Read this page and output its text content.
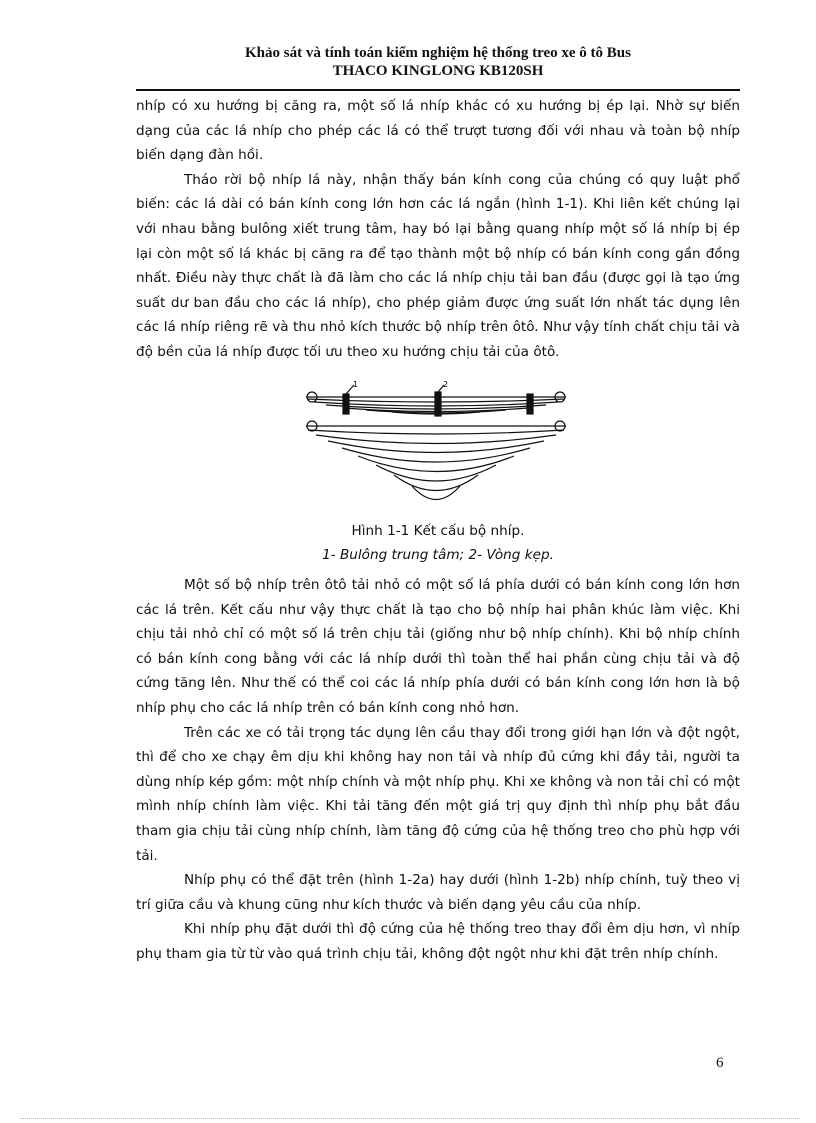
Khảo sát và tính toán kiểm nghiệm hệ thống treo xe ô tô Bus
THACO KINGLONG KB120SH

nhíp có xu hướng bị căng ra, một số lá nhíp khác có xu hướng bị ép lại. Nhờ sự biến dạng của các lá nhíp cho phép các lá có thể trượt tương đối với nhau và toàn bộ nhíp biến dạng đàn hồi.

Tháo rời bộ nhíp lá này, nhận thấy bán kính cong của chúng có quy luật phổ biến: các lá dài có bán kính cong lớn hơn các lá ngắn (hình 1-1). Khi liên kết chúng lại với nhau bằng bulông xiết trung tâm, hay bó lại bằng quang nhíp một số lá nhíp bị ép lại còn một số lá khác bị căng ra để tạo thành một bộ nhíp có bán kính cong gần đồng nhất. Điều này thực chất là đã làm cho các lá nhíp chịu tải ban đầu (được gọi là tạo ứng suất dư ban đầu cho các lá nhíp), cho phép giảm được ứng suất lớn nhất tác dụng lên các lá nhíp riêng rẽ và thu nhỏ kích thước bộ nhíp trên ôtô. Như vậy tính chất chịu tải và độ bền của lá nhíp được tối ưu theo xu hướng chịu tải của ôtô.

1	2
Hình 1-1 Kết cấu bộ nhíp.
1- Bulông trung tâm; 2- Vòng kẹp.

Một số bộ nhíp trên ôtô tải nhỏ có một số lá phía dưới có bán kính cong lớn hơn các lá trên. Kết cấu như vậy thực chất là tạo cho bộ nhíp hai phân khúc làm việc. Khi chịu tải nhỏ chỉ có một số lá trên chịu tải (giống như bộ nhíp chính). Khi bộ nhíp chính có bán kính cong bằng với các lá nhíp dưới thì toàn thể hai phần cùng chịu tải và độ cứng tăng lên. Như thế có thể coi các lá nhíp phía dưới có bán kính cong lớn hơn là bộ nhíp phụ cho các lá nhíp trên có bán kính cong nhỏ hơn.

Trên các xe có tải trọng tác dụng lên cầu thay đổi trong giới hạn lớn và đột ngột, thì để cho xe chạy êm dịu khi không hay non tải và nhíp đủ cứng khi đầy tải, người ta dùng nhíp kép gồm: một nhíp chính và một nhíp phụ. Khi xe không và non tải chỉ có một mình nhíp chính làm việc. Khi tải tăng đến một giá trị quy định thì nhíp phụ bắt đầu tham gia chịu tải cùng nhíp chính, làm tăng độ cứng của hệ thống treo cho phù hợp với tải.

Nhíp phụ có thể đặt trên (hình 1-2a) hay dưới (hình 1-2b) nhíp chính, tuỳ theo vị trí giữa cầu và khung cũng như kích thước và biến dạng yêu cầu của nhíp.

Khi nhíp phụ đặt dưới thì độ cứng của hệ thống treo thay đổi êm dịu hơn, vì nhíp phụ tham gia từ từ vào quá trình chịu tải, không đột ngột như khi đặt trên nhíp chính.

6
